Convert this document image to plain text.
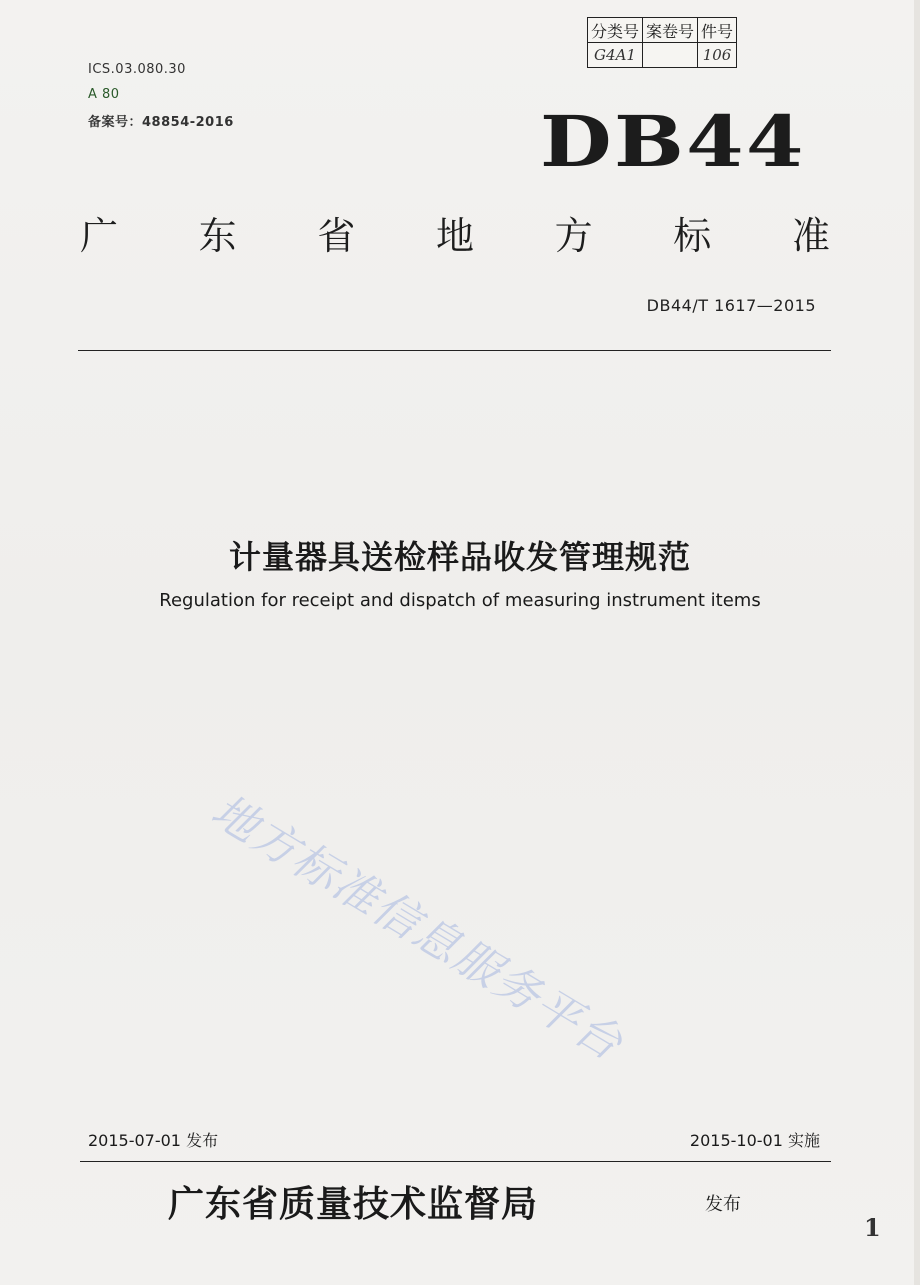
ICS.03.080.30
A 80
备案号：48854-2016
分类号	案卷号	件号
G4A1		106
DB44
广 东 省 地 方 标 准
DB44/T 1617—2015
计量器具送检样品收发管理规范
Regulation for receipt and dispatch of measuring instrument items
地方标准信息服务平台
2015-07-01 发布	2015-10-01 实施
广东省质量技术监督局	发布
1
